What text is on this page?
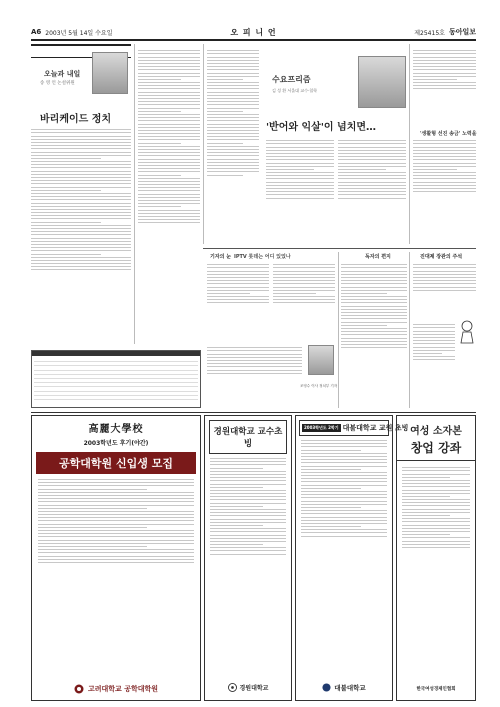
A6 2003년 5월 14일 수요일	오 피 니 언	제25415호 동아일보
오늘과 내일
송 영 언 논설위원
바리케이드 정치
수요프리즘
김 성 환 서울대 교수·철학
'반어와 익살'이 넘치면…
'생활형 선진 송금' 노력을
기자의 눈 IPTV 롯데는 어디 있었나
조영수 이사 정치부 기자
독자의 편지	진대제 장관의 주석
高麗大學校
2003학년도 후기(야간)
공학대학원 신입생 모집
고려대학교 공학대학원
경원대학교 교수초빙
경원대학교
2003학년도 2학기 대불대학교 교원 초빙
대불대학교
여성 소자본
창업 강좌
한국여성경제인협회
